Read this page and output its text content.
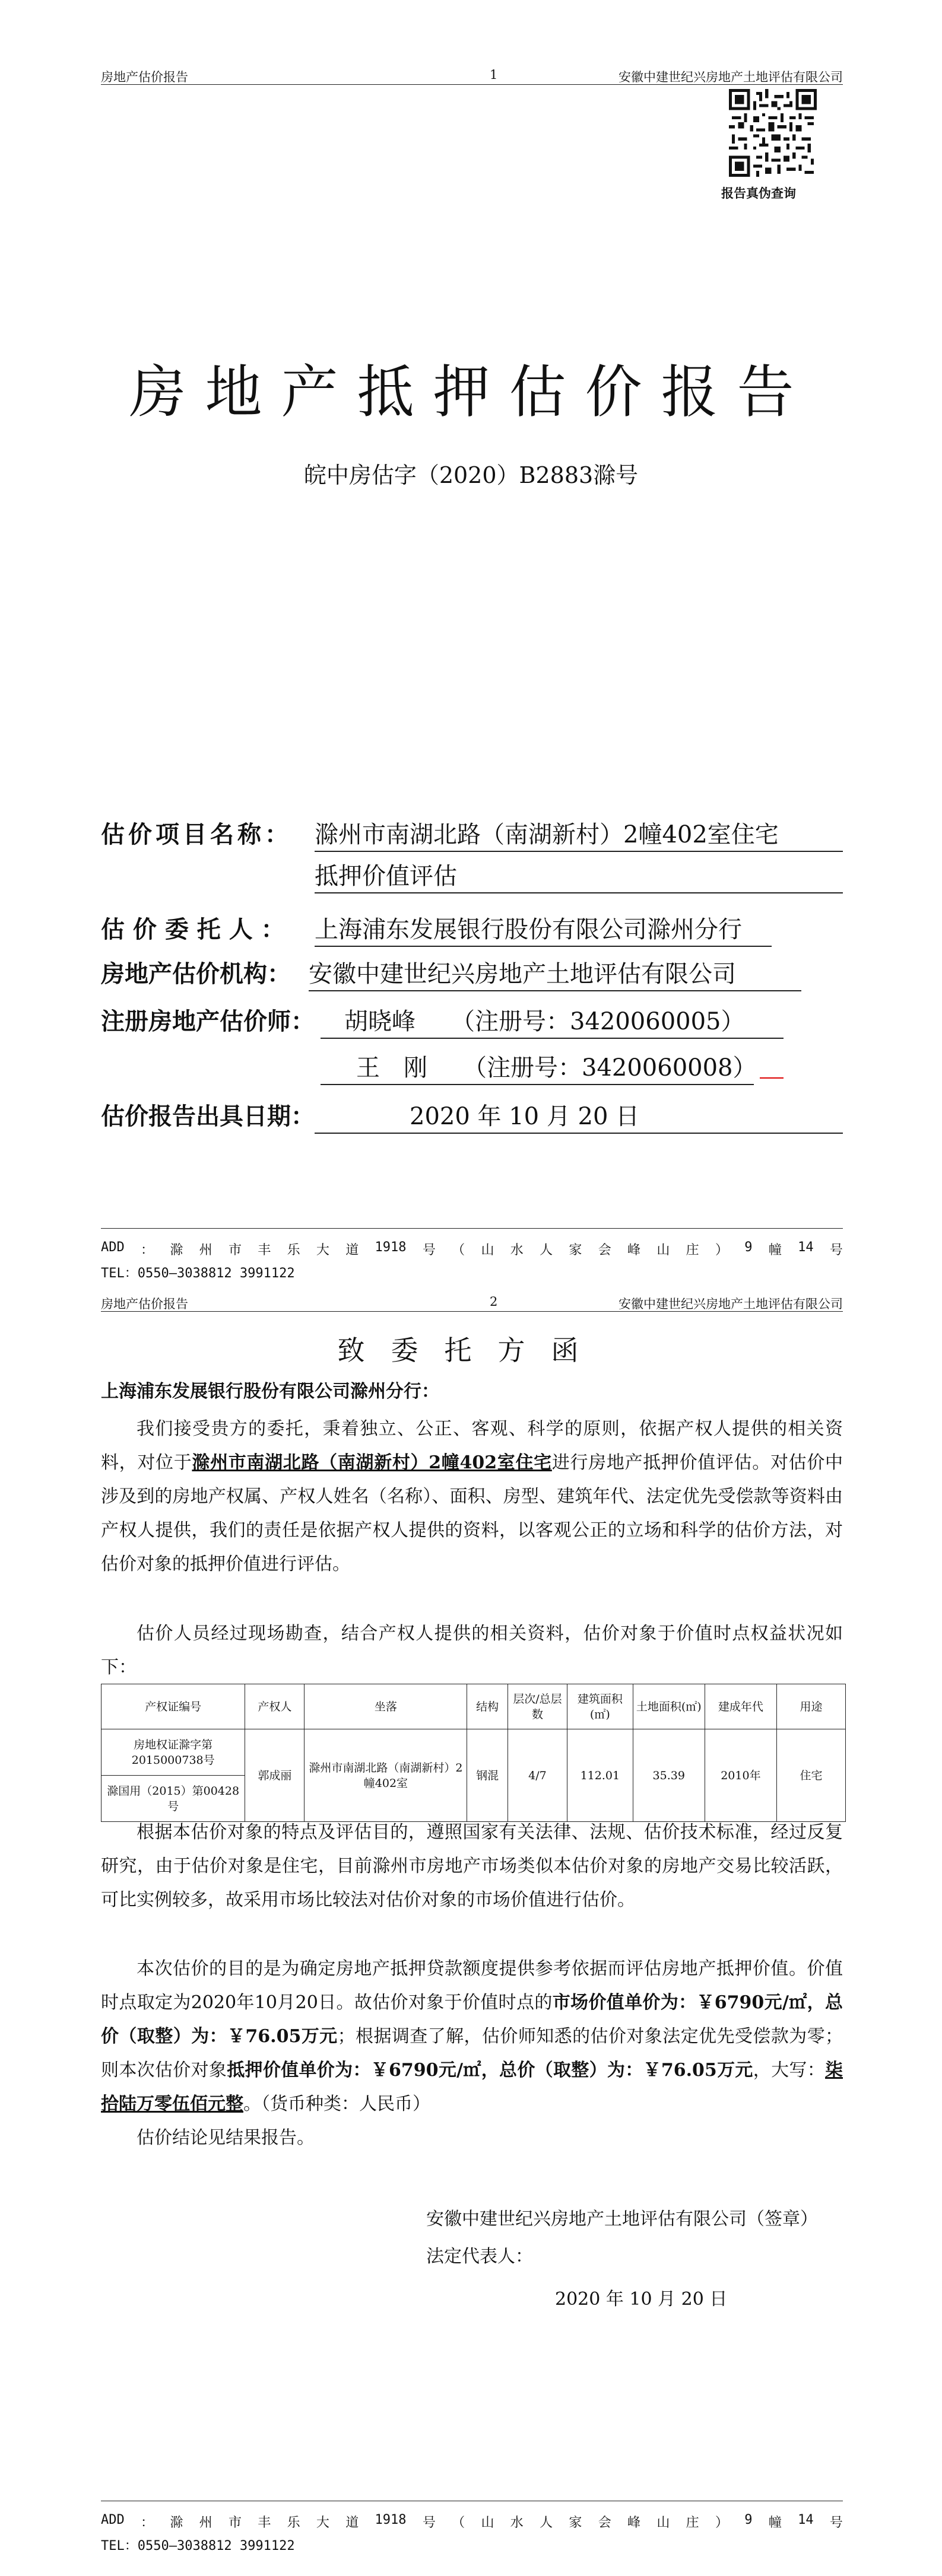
房地产估价报告	1	安徽中建世纪兴房地产土地评估有限公司
报告真伪查询
房地产抵押估价报告
皖中房估字（2020）B2883滁号
估价项目名称： 滁州市南湖北路（南湖新村）2幢402室住宅
抵押价值评估
估 价 委 托 人 ： 上海浦东发展银行股份有限公司滁州分行
房地产估价机构： 安徽中建世纪兴房地产土地评估有限公司
注册房地产估价师： 胡晓峰　　（注册号：3420060005）
王　刚　　（注册号：3420060008）
估价报告出具日期：	2020 年 10 月 20 日
ADD ： 滁 州 市 丰 乐 大 道 1918 号 （ 山 水 人 家 会 峰 山 庄 ） 9 幢 14 号
TEL：0550—3038812 3991122
房地产估价报告	2	安徽中建世纪兴房地产土地评估有限公司
致委托方函
上海浦东发展银行股份有限公司滁州分行：
我们接受贵方的委托，秉着独立、公正、客观、科学的原则，依据产权人提供的相关资料，对位于滁州市南湖北路（南湖新村）2幢402室住宅进行房地产抵押价值评估。对估价中涉及到的房地产权属、产权人姓名（名称）、面积、房型、建筑年代、法定优先受偿款等资料由产权人提供，我们的责任是依据产权人提供的资料，以客观公正的立场和科学的估价方法，对估价对象的抵押价值进行评估。
估价人员经过现场勘查，结合产权人提供的相关资料，估价对象于价值时点权益状况如下：
产权证编号	产权人	坐落	结构	层次/总层数	建筑面积(㎡)	土地面积(㎡)	建成年代	用途
房地权证滁字第2015000738号	郭成丽	滁州市南湖北路（南湖新村）2幢402室	钢混	4/7	112.01	35.39	2010年	住宅
滁国用（2015）第00428号								
根据本估价对象的特点及评估目的，遵照国家有关法律、法规、估价技术标准，经过反复研究，由于估价对象是住宅，目前滁州市房地产市场类似本估价对象的房地产交易比较活跃，可比实例较多，故采用市场比较法对估价对象的市场价值进行估价。
本次估价的目的是为确定房地产抵押贷款额度提供参考依据而评估房地产抵押价值。价值时点取定为2020年10月20日。故估价对象于价值时点的市场价值单价为：￥6790元/㎡，总价（取整）为：￥76.05万元；根据调查了解，估价师知悉的估价对象法定优先受偿款为零；则本次估价对象抵押价值单价为：￥6790元/㎡，总价（取整）为：￥76.05万元，大写：柒拾陆万零伍佰元整。（货币种类：人民币）
估价结论见结果报告。
安徽中建世纪兴房地产土地评估有限公司（签章）
法定代表人：
2020 年 10 月 20 日
ADD ： 滁 州 市 丰 乐 大 道 1918 号 （ 山 水 人 家 会 峰 山 庄 ） 9 幢 14 号
TEL：0550—3038812 3991122
